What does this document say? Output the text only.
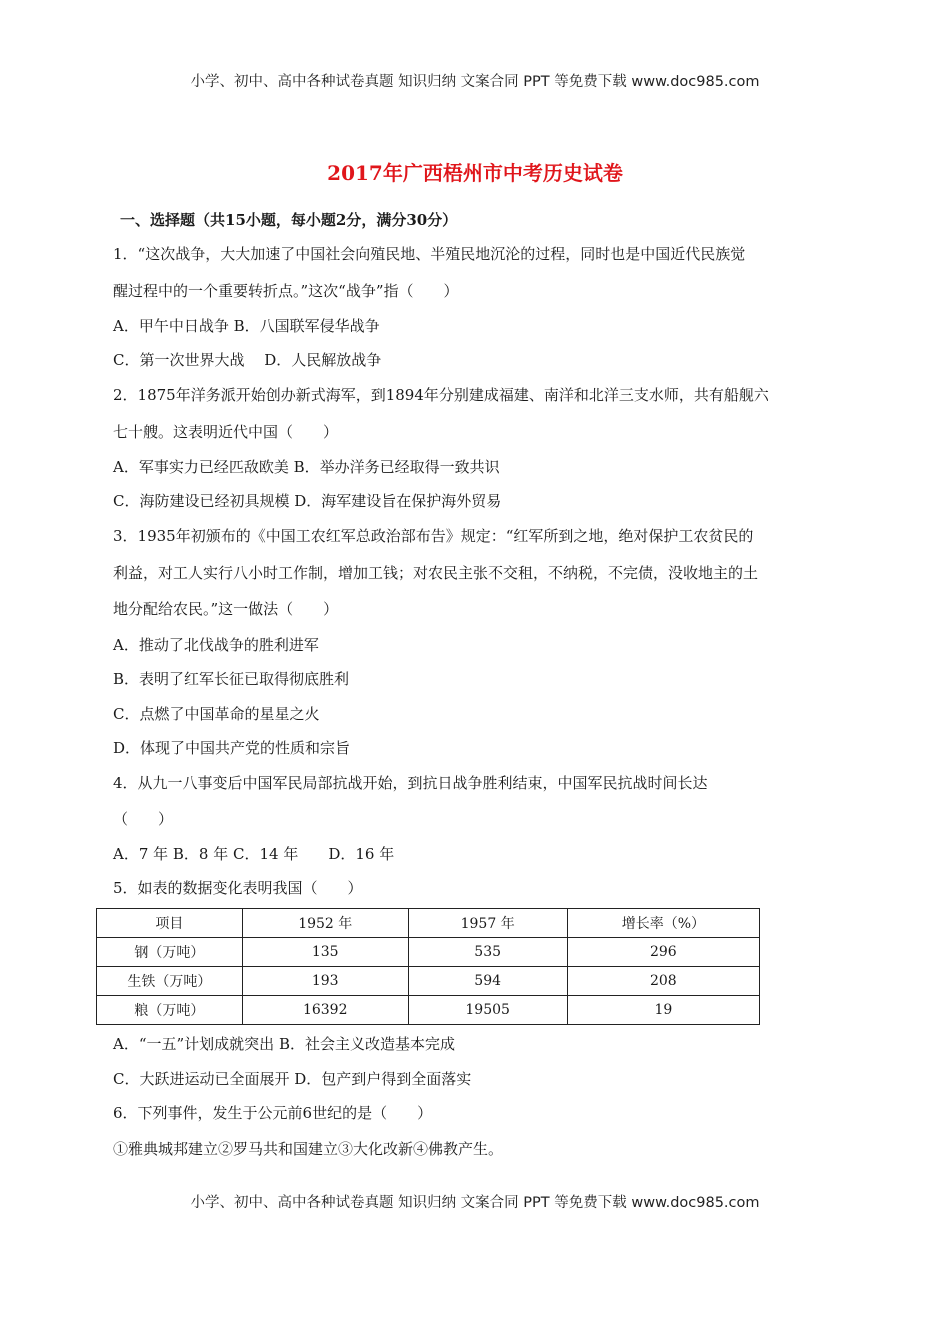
小学、初中、高中各种试卷真题 知识归纳 文案合同 PPT 等免费下载 www.doc985.com
2017年广西梧州市中考历史试卷
一、选择题（共15小题，每小题2分，满分30分）
1．“这次战争，大大加速了中国社会向殖民地、半殖民地沉沦的过程，同时也是中国近代民族觉
醒过程中的一个重要转折点。”这次“战争”指（　　）
A．甲午中日战争 B．八国联军侵华战争
C．第一次世界大战　 D．人民解放战争
2．1875年洋务派开始创办新式海军，到1894年分别建成福建、南洋和北洋三支水师，共有船舰六
七十艘。这表明近代中国（　　）
A．军事实力已经匹敌欧美 B．举办洋务已经取得一致共识
C．海防建设已经初具规模 D．海军建设旨在保护海外贸易
3．1935年初颁布的《中国工农红军总政治部布告》规定：“红军所到之地，绝对保护工农贫民的
利益，对工人实行八小时工作制，增加工钱；对农民主张不交租，不纳税，不完债，没收地主的土
地分配给农民。”这一做法（　　）
A．推动了北伐战争的胜利进军
B．表明了红军长征已取得彻底胜利
C．点燃了中国革命的星星之火
D．体现了中国共产党的性质和宗旨
4．从九一八事变后中国军民局部抗战开始，到抗日战争胜利结束，中国军民抗战时间长达
（　　）
A．7 年 B．8 年 C．14 年　　D．16 年
5．如表的数据变化表明我国（　　）
项目	1952 年	1957 年	增长率（%）
钢（万吨）	135	535	296
生铁（万吨）	193	594	208
粮（万吨）	16392	19505	19
A．“一五”计划成就突出 B．社会主义改造基本完成
C．大跃进运动已全面展开 D．包产到户得到全面落实
6．下列事件，发生于公元前6世纪的是（　　）
①雅典城邦建立②罗马共和国建立③大化改新④佛教产生。
小学、初中、高中各种试卷真题 知识归纳 文案合同 PPT 等免费下载 www.doc985.com
